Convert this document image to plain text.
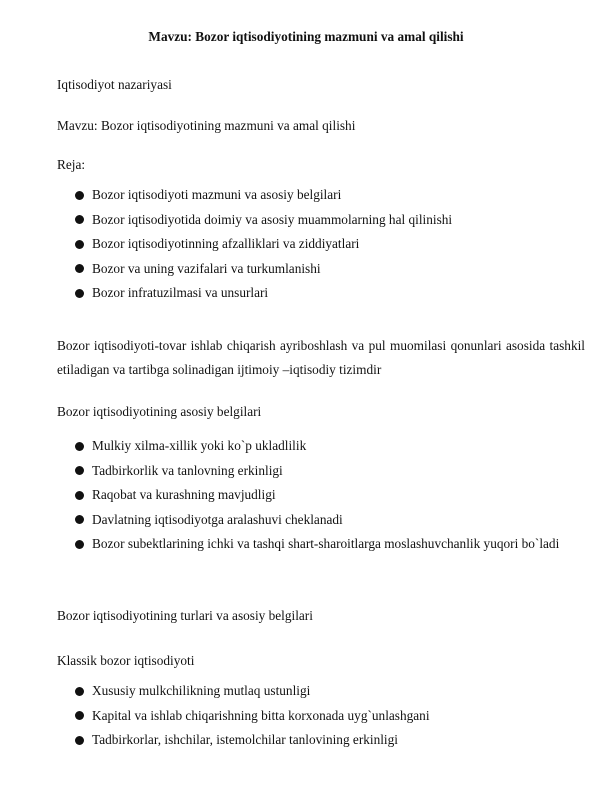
Mavzu: Bozor iqtisodiyotining mazmuni va amal qilishi

Iqtisodiyot nazariyasi

Mavzu: Bozor iqtisodiyotining mazmuni va amal qilishi

Reja:

Bozor iqtisodiyoti mazmuni va asosiy belgilari
Bozor iqtisodiyotida doimiy va asosiy muammolarning hal qilinishi
Bozor iqtisodiyotinning afzalliklari va ziddiyatlari
Bozor va uning vazifalari va turkumlanishi
Bozor infratuzilmasi va unsurlari

Bozor iqtisodiyoti-tovar ishlab chiqarish ayriboshlash va pul muomilasi qonunlari asosida tashkil etiladigan va tartibga solinadigan ijtimoiy –iqtisodiy tizimdir

Bozor iqtisodiyotining asosiy belgilari

Mulkiy xilma-xillik yoki ko`p ukladlilik
Tadbirkorlik va tanlovning erkinligi
Raqobat va kurashning mavjudligi
Davlatning iqtisodiyotga aralashuvi cheklanadi
Bozor subektlarining ichki va tashqi shart-sharoitlarga moslashuvchanlik yuqori bo`ladi

Bozor iqtisodiyotining turlari va asosiy belgilari

Klassik bozor iqtisodiyoti

Xususiy mulkchilikning mutlaq ustunligi
Kapital va ishlab chiqarishning bitta korxonada uyg`unlashgani
Tadbirkorlar, ishchilar, istemolchilar tanlovining erkinligi
